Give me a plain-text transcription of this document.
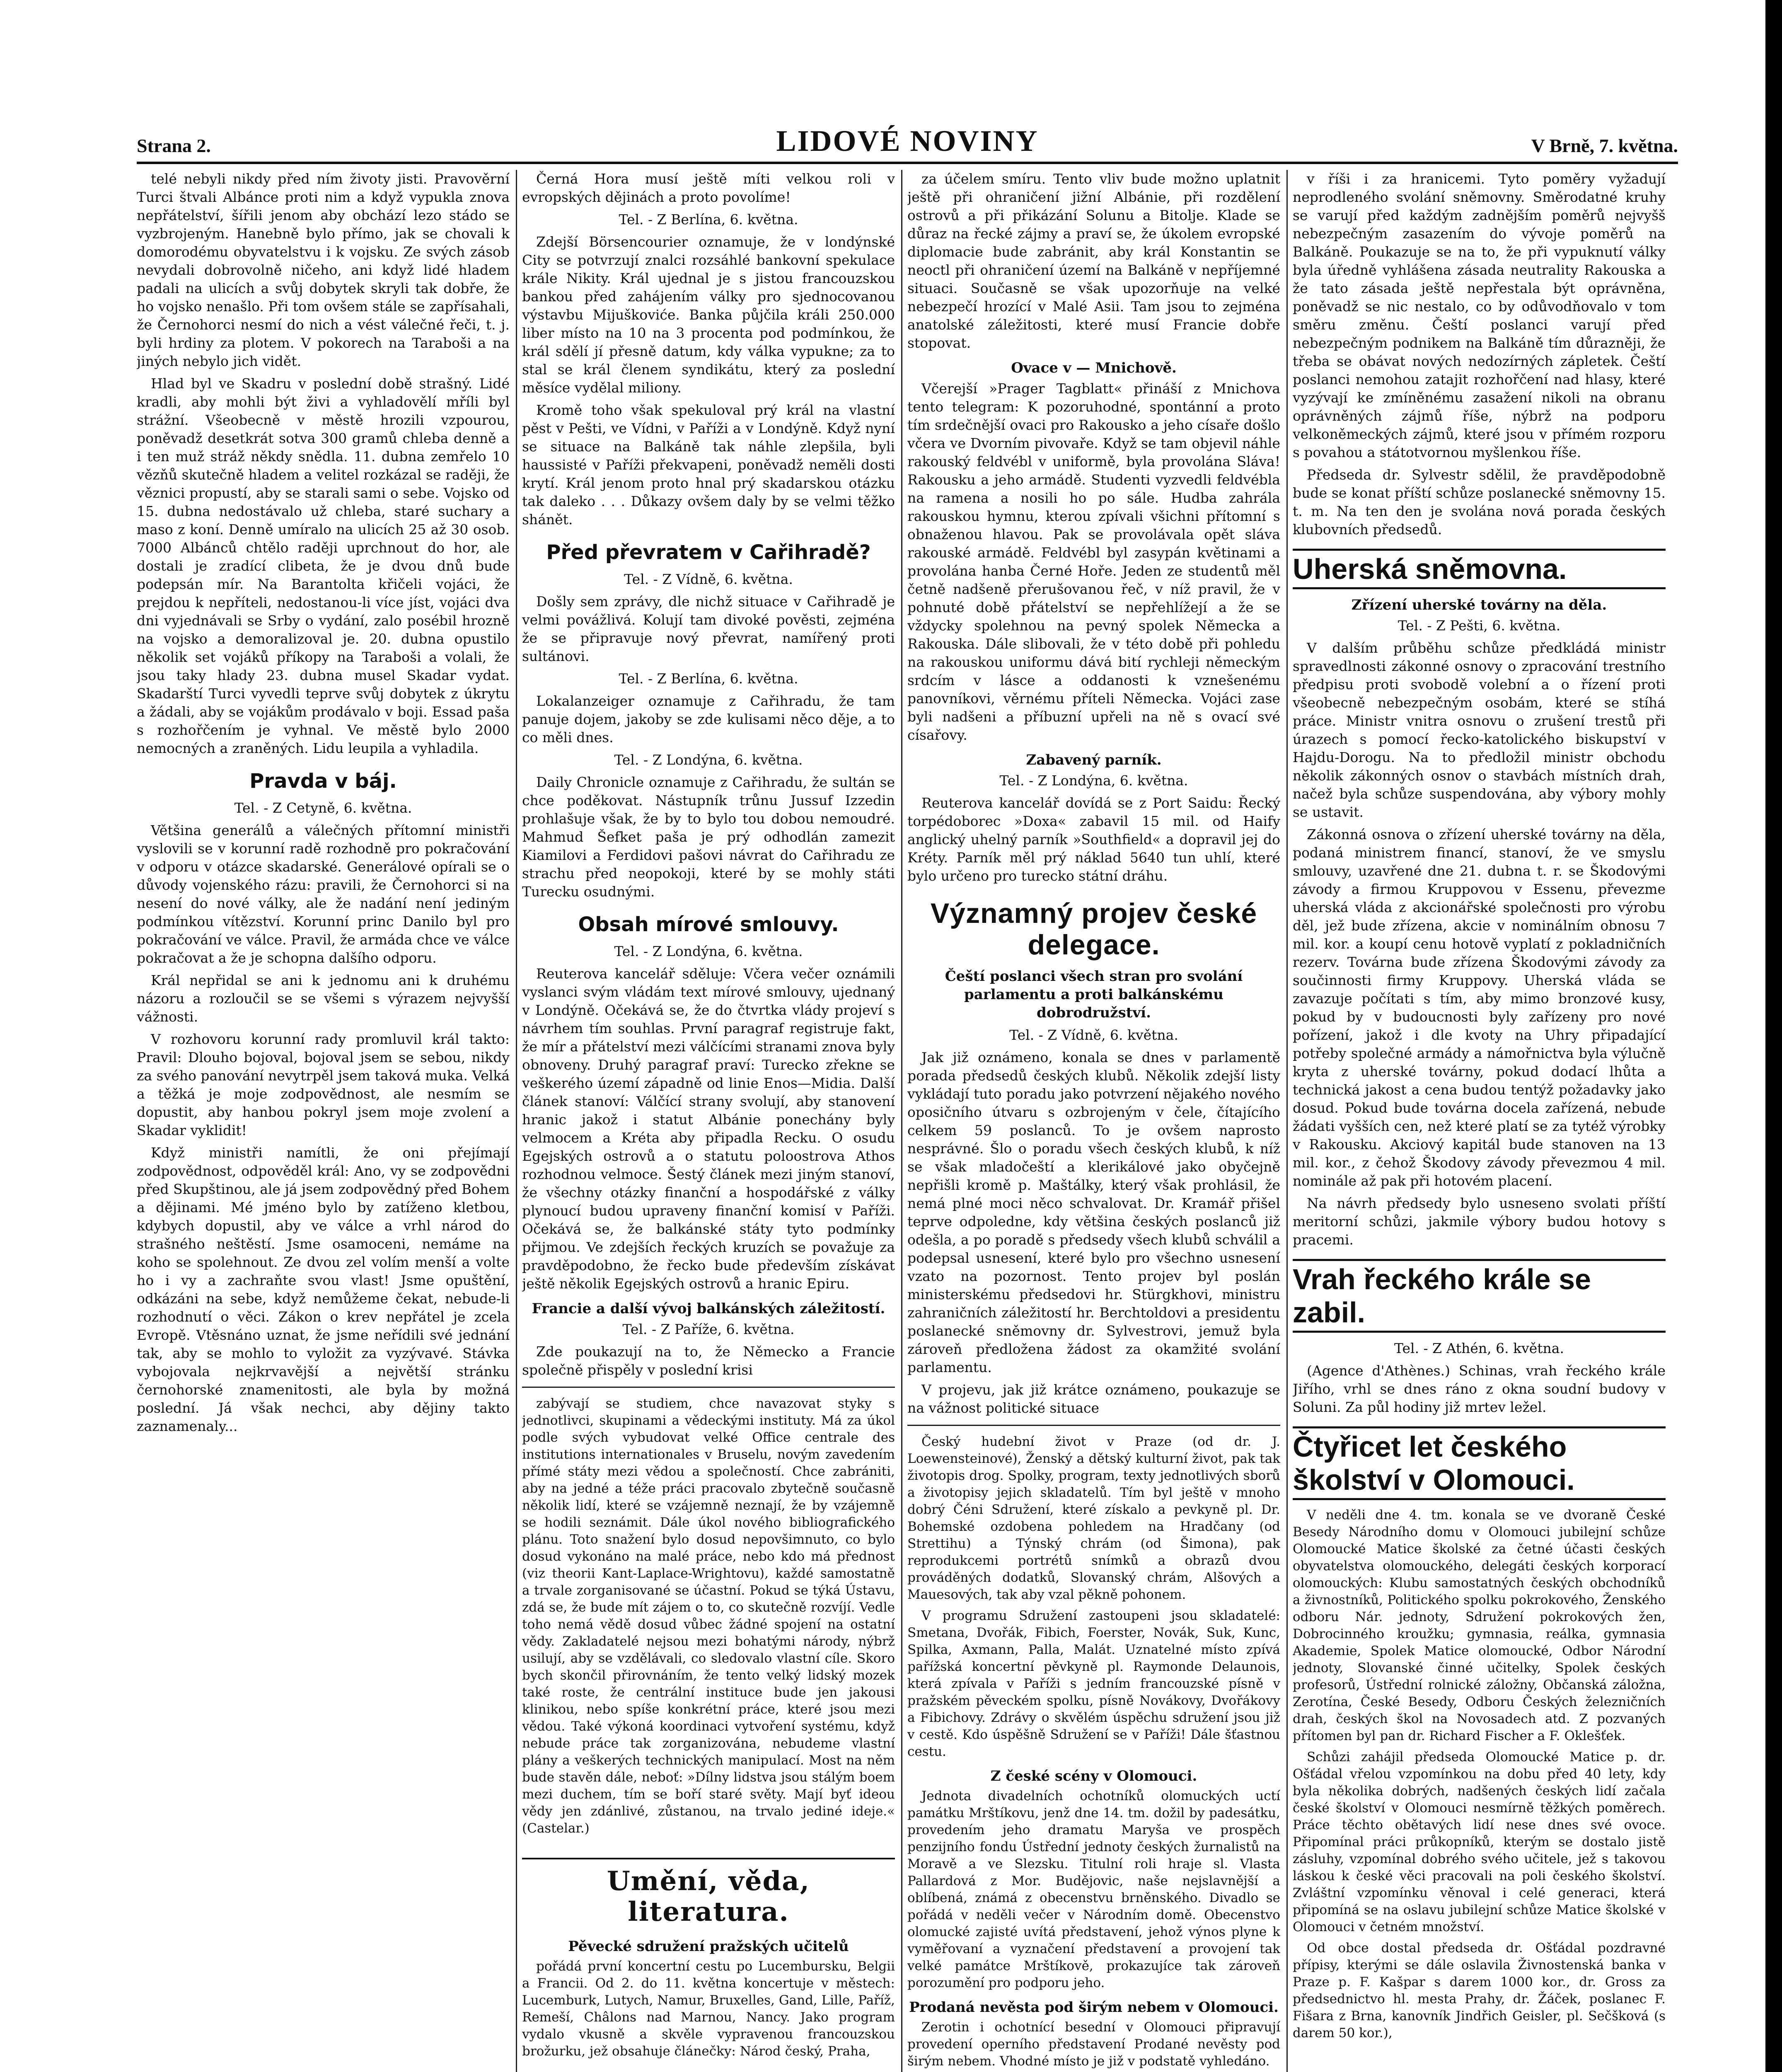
Strana 2.	LIDOVÉ NOVINY	V Brně, 7. května.

telé nebyli nikdy před ním životy jisti. Pravověrní Turci štvali Albánce proti nim a když vypukla znova nepřátelství, šířili jenom aby obchází lezo stádo se vyzbrojeným. Hanebně bylo přímo, jak se chovali k domorodému obyvatelstvu i k vojsku. Ze svých zásob nevydali dobrovolně ničeho, ani když lidé hladem padali na ulicích a svůj dobytek skryli tak dobře, že ho vojsko nenašlo. Při tom ovšem stále se zapřísahali, že Černohorci nesmí do nich a vést válečné řeči, t. j. byli hrdiny za plotem. V pokorech na Taraboši a na jiných nebylo jich vidět.

Hlad byl ve Skadru v poslední době strašný. Lidé kradli, aby mohli být živi a vyhladovělí mříli byl strážní. Všeobecně v městě hrozili vzpourou, poněvadž desetkrát sotva 300 gramů chleba denně a i ten muž stráž někdy snědla. 11. dubna zemřelo 10 vězňů skutečně hladem a velitel rozkázal se raději, že věznici propustí, aby se starali sami o sebe. Vojsko od 15. dubna nedostávalo už chleba, staré suchary a maso z koní. Denně umíralo na ulicích 25 až 30 osob. 7000 Albánců chtělo raději uprchnout do hor, ale dostali je zradící clibeta, že je dvou dnů bude podepsán mír. Na Barantolta křičeli vojáci, že prejdou k nepříteli, nedostanou-li více jíst, vojáci dva dni vyjednávali se Srby o vydání, zalo posébil hrozně na vojsko a demoralizoval je. 20. dubna opustilo několik set vojáků příkopy na Taraboši a volali, že jsou taky hlady 23. dubna musel Skadar vydat. Skadarští Turci vyvedli teprve svůj dobytek z úkrytu a žádali, aby se vojákům prodávalo v boji. Essad paša s rozhořčením je vyhnal. Ve městě bylo 2000 nemocných a zraněných. Lidu leupila a vyhladila.

Pravda v báj.
Tel. - Z Cetyně, 6. května.

Většina generálů a válečných přítomní ministři vyslovili se v korunní radě rozhodně pro pokračování v odporu v otázce skadarské. Generálové opírali se o důvody vojenského rázu: pravili, že Černohorci si na nesení do nové války, ale že nadání není jediným podmínkou vítězství. Korunní princ Danilo byl pro pokračování ve válce. Pravil, že armáda chce ve válce pokračovat a že je schopna dalšího odporu.

Král nepřidal se ani k jednomu ani k druhému názoru a rozloučil se se všemi s výrazem nejvyšší vážnosti.

V rozhovoru korunní rady promluvil král takto: Pravil: Dlouho bojoval, bojoval jsem se sebou, nikdy za svého panování nevytrpěl jsem taková muka. Velká a těžká je moje zodpovědnost, ale nesmím se dopustit, aby hanbou pokryl jsem moje zvolení a Skadar vyklidit!

Když ministři namítli, že oni přejímají zodpovědnost, odpověděl král: Ano, vy se zodpovědni před Skupštinou, ale já jsem zodpovědný před Bohem a dějinami. Mé jméno bylo by zatíženo kletbou, kdybych dopustil, aby ve válce a vrhl národ do strašného neštěstí. Jsme osamoceni, nemáme na koho se spolehnout. Ze dvou zel volím menší a volte ho i vy a zachraňte svou vlast! Jsme opuštění, odkázáni na sebe, když nemůžeme čekat, nebude-li rozhodnutí o věci. Zákon o krev nepřátel je zcela Evropě. Vtěsnáno uznat, že jsme neřídili své jednání tak, aby se mohlo to vyložit za vyzývavé. Stávka vybojovala nejkrvavější a největší stránku černohorské znamenitosti, ale byla by možná poslední. Já však nechci, aby dějiny takto zaznamenaly...

Černá Hora musí ještě míti velkou roli v evropských dějinách a proto povolíme!

Tel. - Z Berlína, 6. května.

Zdejší Börsencourier oznamuje, že v londýnské City se potvrzují znalci rozsáhlé bankovní spekulace krále Nikity. Král ujednal je s jistou francouzskou bankou před zahájením války pro sjednocovanou výstavbu Mijuškoviće. Banka půjčila králi 250.000 liber místo na 10 na 3 procenta pod podmínkou, že král sdělí jí přesně datum, kdy válka vypukne; za to stal se král členem syndikátu, který za poslední měsíce vydělal miliony.

Kromě toho však spekuloval prý král na vlastní pěst v Pešti, ve Vídni, v Paříži a v Londýně. Když nyní se situace na Balkáně tak náhle zlepšila, byli haussisté v Paříži překvapeni, poněvadž neměli dosti krytí. Král jenom proto hnal prý skadarskou otázku tak daleko . . . Důkazy ovšem daly by se velmi těžko shánět.

Před převratem v Cařihradě?
Tel. - Z Vídně, 6. května.

Došly sem zprávy, dle nichž situace v Cařihradě je velmi povážlivá. Kolují tam divoké pověsti, zejména že se připravuje nový převrat, namířený proti sultánovi.

Tel. - Z Berlína, 6. května.

Lokalanzeiger oznamuje z Cařihradu, že tam panuje dojem, jakoby se zde kulisami něco děje, a to co měli dnes.

Tel. - Z Londýna, 6. května.

Daily Chronicle oznamuje z Cařihradu, že sultán se chce poděkovat. Nástupník trůnu Jussuf Izzedin prohlašuje však, že by to bylo tou dobou nemoudré. Mahmud Šefket paša je prý odhodlán zamezit Kiamilovi a Ferdidovi pašovi návrat do Cařihradu ze strachu před neopokoji, které by se mohly státi Turecku osudnými.

Obsah mírové smlouvy.
Tel. - Z Londýna, 6. května.

Reuterova kancelář sděluje: Včera večer oznámili vyslanci svým vládám text mírové smlouvy, ujednaný v Londýně. Očekává se, že do čtvrtka vlády projeví s návrhem tím souhlas. První paragraf registruje fakt, že mír a přátelství mezi válčícími stranami znova byly obnoveny. Druhý paragraf praví: Turecko zřekne se veškerého území západně od linie Enos—Midia. Další článek stanoví: Válčící strany svolují, aby stanovení hranic jakož i statut Albánie ponechány byly velmocem a Kréta aby připadla Recku. O osudu Egejských ostrovů a o statutu poloostrova Athos rozhodnou velmoce. Šestý článek mezi jiným stanoví, že všechny otázky finanční a hospodářské z války plynoucí budou upraveny finanční komisí v Paříži. Očekává se, že balkánské státy tyto podmínky přijmou. Ve zdejších řeckých kruzích se považuje za pravděpodobno, že řecko bude především získávat ještě několik Egejských ostrovů a hranic Epiru.

Francie a další vývoj balkánských záležitostí.
Tel. - Z Paříže, 6. května.

Zde poukazují na to, že Německo a Francie společně přispěly v poslední krisi

zabývají se studiem, chce navazovat styky s jednotlivci, skupinami a vědeckými instituty. Má za úkol podle svých vybudovat velké Office centrale des institutions internationales v Bruselu, novým zavedením přímé státy mezi vědou a společností. Chce zabrániti, aby na jedné a téže práci pracovalo zbytečně současně několik lidí, které se vzájemně neznají, že by vzájemně se hodili seznámit. Dále úkol nového bibliografického plánu. Toto snažení bylo dosud nepovšimnuto, co bylo dosud vykonáno na malé práce, nebo kdo má přednost (viz theorii Kant-Laplace-Wrightovu), každé samostatně a trvale zorganisované se účastní. Pokud se týká Ústavu, zdá se, že bude mít zájem o to, co skutečně rozvíjí. Vedle toho nemá vědě dosud vůbec žádné spojení na ostatní vědy. Zakladatelé nejsou mezi bohatými národy, nýbrž usilují, aby se vzdělávali, co sledovalo vlastní cíle. Skoro bych skončil přirovnáním, že tento velký lidský mozek také roste, že centrální instituce bude jen jakousi klinikou, nebo spíše konkrétní práce, které jsou mezi vědou. Také výkoná koordinaci vytvoření systému, když nebude práce tak zorganizována, nebudeme vlastní plány a veškerých technických manipulací. Most na něm bude stavěn dále, neboť: »Dílny lidstva jsou stálým boem mezi duchem, tím se boří staré světy. Mají byť ideou vědy jen zdánlivé, zůstanou, na trvalo jediné ideje.« (Castelar.)

Umění, věda, literatura.
Pěvecké sdružení pražských učitelů

pořádá první koncertní cestu po Lucembursku, Belgii a Francii. Od 2. do 11. května koncertuje v městech: Lucemburk, Lutych, Namur, Bruxelles, Gand, Lille, Paříž, Remeší, Châlons nad Marnou, Nancy. Jako program vydalo vkusně a skvěle vypravenou francouzskou brožurku, jež obsahuje článečky: Národ český, Praha,

za účelem smíru. Tento vliv bude možno uplatnit ještě při ohraničení jižní Albánie, při rozdělení ostrovů a při přikázání Solunu a Bitolje. Klade se důraz na řecké zájmy a praví se, že úkolem evropské diplomacie bude zabránit, aby král Konstantin se neoctl při ohraničení území na Balkáně v nepříjemné situaci. Současně se však upozorňuje na velké nebezpečí hrozící v Malé Asii. Tam jsou to zejména anatolské záležitosti, které musí Francie dobře stopovat.

Ovace v — Mnichově.

Včerejší »Prager Tagblatt« přináší z Mnichova tento telegram: K pozoruhodné, spontánní a proto tím srdečnější ovaci pro Rakousko a jeho císaře došlo včera ve Dvorním pivovaře. Když se tam objevil náhle rakouský feldvébl v uniformě, byla provolána Sláva! Rakousku a jeho armádě. Studenti vyzvedli feldvébla na ramena a nosili ho po sále. Hudba zahrála rakouskou hymnu, kterou zpívali všichni přítomní s obnaženou hlavou. Pak se provolávala opět sláva rakouské armádě. Feldvébl byl zasypán květinami a provolána hanba Černé Hoře. Jeden ze studentů měl četně nadšeně přerušovanou řeč, v níž pravil, že v pohnuté době přátelství se nepřehlížejí a že se vždycky spolehnou na pevný spolek Německa a Rakouska. Dále slibovali, že v této době při pohledu na rakouskou uniformu dává bití rychleji německým srdcím v lásce a oddanosti k vznešenému panovníkovi, věrnému příteli Německa. Vojáci zase byli nadšeni a příbuzní upřeli na ně s ovací své císařovy.

Zabavený parník.
Tel. - Z Londýna, 6. května.

Reuterova kancelář dovídá se z Port Saidu: Řecký torpédoborec »Doxa« zabavil 15 mil. od Haify anglický uhelný parník »Southfield« a dopravil jej do Kréty. Parník měl prý náklad 5640 tun uhlí, které bylo určeno pro turecko státní dráhu.

Významný projev české delegace.
Čeští poslanci všech stran pro svolání parlamentu a proti balkánskému dobrodružství.
Tel. - Z Vídně, 6. května.

Jak již oznámeno, konala se dnes v parlamentě porada předsedů českých klubů. Několik zdejší listy vykládají tuto poradu jako potvrzení nějakého nového oposičního útvaru s ozbrojeným v čele, čítajícího celkem 59 poslanců. To je ovšem naprosto nesprávné. Šlo o poradu všech českých klubů, k níž se však mladočeští a klerikálové jako obyčejně nepřišli kromě p. Maštálky, který však prohlásil, že nemá plné moci něco schvalovat. Dr. Kramář přišel teprve odpoledne, kdy většina českých poslanců již odešla, a po poradě s předsedy všech klubů schválil a podepsal usnesení, které bylo pro všechno usnesení vzato na pozornost. Tento projev byl poslán ministerskému předsedovi hr. Stürgkhovi, ministru zahraničních záležitostí hr. Berchtoldovi a presidentu poslanecké sněmovny dr. Sylvestrovi, jemuž byla zároveň předložena žádost za okamžité svolání parlamentu.

V projevu, jak již krátce oznámeno, poukazuje se na vážnost politické situace

Český hudební život v Praze (od dr. J. Loewensteinové), Ženský a dětský kulturní život, pak tak životopis drog. Spolky, program, texty jednotlivých sborů a životopisy jejich skladatelů. Tím byl ještě v mnoho dobrý Čéni Sdružení, které získalo a pevkyně pl. Dr. Bohemské ozdobena pohledem na Hradčany (od Strettihu) a Týnský chrám (od Šimona), pak reprodukcemi portrétů snímků a obrazů dvou prováděných dodatků, Slovanský chrám, Alšových a Mauesových, tak aby vzal pěkně pohonem.

V programu Sdružení zastoupeni jsou skladatelé: Smetana, Dvořák, Fibich, Foerster, Novák, Suk, Kunc, Spilka, Axmann, Palla, Malát. Uznatelné místo zpívá pařížská koncertní pěvkyně pl. Raymonde Delaunois, která zpívala v Paříži s jedním francouzské písně v pražském pěveckém spolku, písně Novákovy, Dvořákovy a Fibichovy. Zdrávy o skvělém úspěchu sdružení jsou již v cestě. Kdo úspěšně Sdružení se v Paříži! Dále šťastnou cestu.

Z české scény v Olomouci.

Jednota divadelních ochotníků olomuckých uctí památku Mrštíkovu, jenž dne 14. tm. dožil by padesátku, provedením jeho dramatu Maryša ve prospěch penzijního fondu Ústřední jednoty českých žurnalistů na Moravě a ve Slezsku. Titulní roli hraje sl. Vlasta Pallardová z Mor. Budějovic, naše nejslavnější a oblíbená, známá z obecenstvu brněnského. Divadlo se pořádá v neděli večer v Národním domě. Obecenstvo olomucké zajisté uvítá představení, jehož výnos plyne k vyměřovaní a vyznačení představení a provojení tak velké památce Mrštíkově, prokazujíce tak zároveň porozumění pro podporu jeho.

Prodaná nevěsta pod širým nebem v Olomouci.

Zerotin i ochotnící besední v Olomouci připravují provedení operního představení Prodané nevěsty pod širým nebem. Vhodné místo je již v podstatě vyhledáno.

v říši i za hranicemi. Tyto poměry vyžadují neprodleného svolání sněmovny. Směrodatné kruhy se varují před každým zadnějším poměrů nejvyšš nebezpečným zasazením do vývoje poměrů na Balkáně. Poukazuje se na to, že při vypuknutí války byla úředně vyhlášena zásada neutrality Rakouska a že tato zásada ještě nepřestala být oprávněna, poněvadž se nic nestalo, co by odůvodňovalo v tom směru změnu. Čeští poslanci varují před nebezpečným podnikem na Balkáně tím důrazněji, že třeba se obávat nových nedozírných zápletek. Čeští poslanci nemohou zatajit rozhořčení nad hlasy, které vyzývají ke zmíněnému zasažení nikoli na obranu oprávněných zájmů říše, nýbrž na podporu velkoněmeckých zájmů, které jsou v přímém rozporu s povahou a státotvornou myšlenkou říše.

Předseda dr. Sylvestr sdělil, že pravděpodobně bude se konat příští schůze poslanecké sněmovny 15. t. m. Na ten den je svolána nová porada českých klubovních předsedů.

Uherská sněmovna.
Zřízení uherské továrny na děla.
Tel. - Z Pešti, 6. května.

V dalším průběhu schůze předkládá ministr spravedlnosti zákonné osnovy o zpracování trestního předpisu proti svobodě volební a o řízení proti všeobecně nebezpečným osobám, které se stíhá práce. Ministr vnitra osnovu o zrušení trestů při úrazech s pomocí řecko-katolického biskupství v Hajdu-Dorogu. Na to předložil ministr obchodu několik zákonných osnov o stavbách místních drah, načež byla schůze suspendována, aby výbory mohly se ustavit.

Zákonná osnova o zřízení uherské továrny na děla, podaná ministrem financí, stanoví, že ve smyslu smlouvy, uzavřené dne 21. dubna t. r. se Škodovými závody a firmou Kruppovou v Essenu, převezme uherská vláda z akcionářské společnosti pro výrobu děl, jež bude zřízena, akcie v nominálním obnosu 7 mil. kor. a koupí cenu hotově vyplatí z pokladničních rezerv. Továrna bude zřízena Škodovými závody za součinnosti firmy Kruppovy. Uherská vláda se zavazuje počítati s tím, aby mimo bronzové kusy, pokud by v budoucnosti byly zařízeny pro nové pořízení, jakož i dle kvoty na Uhry připadající potřeby společné armády a námořnictva byla výlučně kryta z uherské továrny, pokud dodací lhůta a technická jakost a cena budou tentýž požadavky jako dosud. Pokud bude továrna docela zařízená, nebude žádati vyšších cen, než které platí se za tytéž výrobky v Rakousku. Akciový kapitál bude stanoven na 13 mil. kor., z čehož Škodovy závody převezmou 4 mil. nominále až pak při hotovém placení.

Na návrh předsedy bylo usneseno svolati příští meritorní schůzi, jakmile výbory budou hotovy s pracemi.

Vrah řeckého krále se zabil.
Tel. - Z Athén, 6. května.

(Agence d'Athènes.) Schinas, vrah řeckého krále Jiřího, vrhl se dnes ráno z okna soudní budovy v Soluni. Za půl hodiny již mrtev ležel.

Čtyřicet let českého školství v Olomouci.

V neděli dne 4. tm. konala se ve dvoraně České Besedy Národního domu v Olomouci jubilejní schůze Olomoucké Matice školské za četné účasti českých obyvatelstva olomouckého, delegáti českých korporací olomouckých: Klubu samostatných českých obchodníků a živnostníků, Politického spolku pokrokového, Ženského odboru Nár. jednoty, Sdružení pokrokových žen, Dobrocinného kroužku; gymnasia, reálka, gymnasia Akademie, Spolek Matice olomoucké, Odbor Národní jednoty, Slovanské činné učitelky, Spolek českých profesorů, Ústřední rolnické záložny, Občanská záložna, Zerotína, České Besedy, Odboru Českých železničních drah, českých škol na Novosadech atd. Z pozvaných přítomen byl pan dr. Richard Fischer a F. Oklešťek.

Schůzi zahájil předseda Olomoucké Matice p. dr. Ošťádal vřelou vzpomínkou na dobu před 40 lety, kdy byla několika dobrých, nadšených českých lidí začala české školství v Olomouci nesmírně těžkých poměrech. Práce těchto obětavých lidí nese dnes své ovoce. Připomínal práci průkopníků, kterým se dostalo jistě zásluhy, vzpomínal dobrého svého učitele, jež s takovou láskou k české věci pracovali na poli českého školství. Zvláštní vzpomínku věnoval i celé generaci, která připomíná se na oslavu jubilejní schůze Matice školské v Olomouci v četném množství.

Od obce dostal předseda dr. Ošťádal pozdravné přípisy, kterými se dále oslavila Živnostenská banka v Praze p. F. Kašpar s darem 1000 kor., dr. Gross za předsednictvo hl. mesta Prahy, dr. Žáček, poslanec F. Fišara z Brna, kanovník Jindřich Geisler, pl. Sečšková (s darem 50 kor.),
